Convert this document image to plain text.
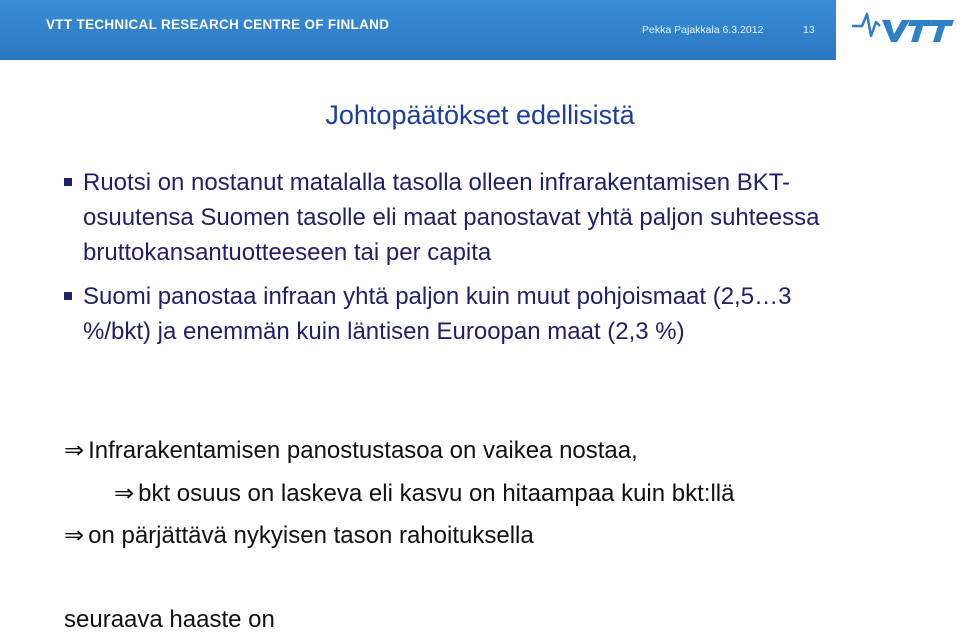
VTT TECHNICAL RESEARCH CENTRE OF FINLAND	Pekka Pajakkala 6.3.2012	13
VTT
Johtopäätökset edellisistä
Ruotsi on nostanut matalalla tasolla olleen infrarakentamisen BKT-osuutensa Suomen tasolle eli maat panostavat yhtä paljon suhteessa bruttokansantuotteeseen tai per capita
Suomi panostaa infraan yhtä paljon kuin muut pohjoismaat (2,5…3 %/bkt) ja enemmän kuin läntisen Euroopan maat (2,3 %)
⇒ Infrarakentamisen panostustasoa on vaikea nostaa,
⇒ bkt osuus on laskeva eli kasvu on hitaampaa kuin bkt:llä
⇒ on pärjättävä nykyisen tason rahoituksella
seuraava haaste on
